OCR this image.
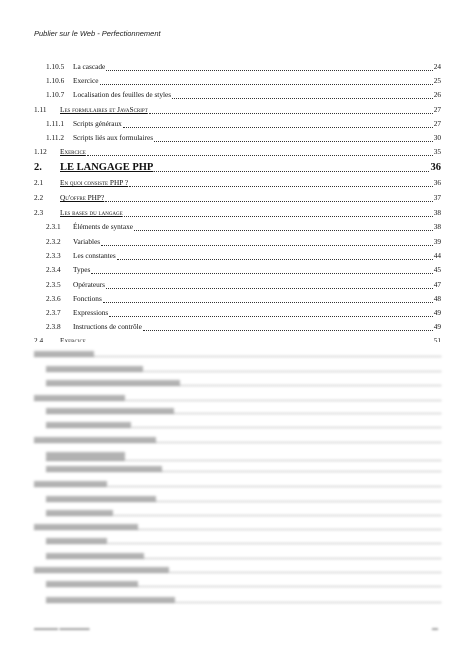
Publier sur le Web - Perfectionnement
1.10.5 La cascade	24
1.10.6 Exercice	25
1.10.7 Localisation des feuilles de styles	26
1.11 Les formulaires et JavaScript	27
1.11.1 Scripts généraux	27
1.11.2 Scripts liés aux formulaires	30
1.12 Exercice	35
2. LE LANGAGE PHP	36
2.1 En quoi consiste PHP ?	36
2.2 Qu'offre PHP?	37
2.3 Les bases du langage	38
2.3.1 Éléments de syntaxe	38
2.3.2 Variables	39
2.3.3 Les constantes	44
2.3.4 Types	45
2.3.5 Opérateurs	47
2.3.6 Fonctions	48
2.3.7 Expressions	49
2.3.8 Instructions de contrôle	49
2.4 Exercice	51
▬▬▬▬ ▬▬▬▬▬	▬
